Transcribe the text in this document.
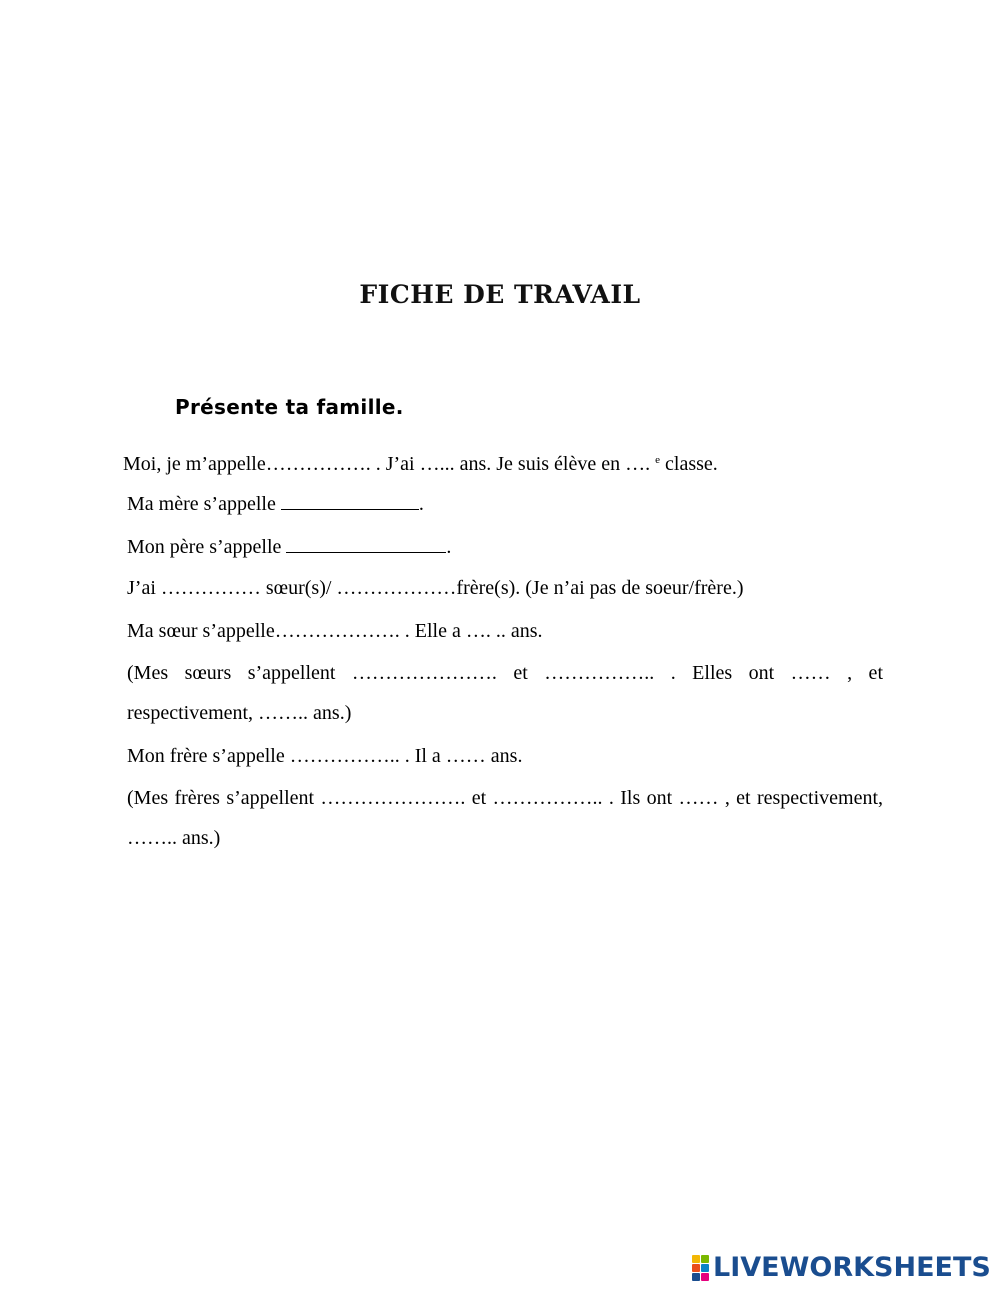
FICHE DE TRAVAIL
Présente ta famille.
Moi, je m’appelle……………. . J’ai …... ans. Je suis élève en …. $^e$ classe.
Ma mère s’appelle	.
Mon père s’appelle	.
J’ai …………… sœur(s)/ ………………frère(s). (Je n’ai pas de soeur/frère.)
Ma sœur s’appelle………………. . Elle a …. .. ans.
(Mes sœurs s’appellent …………………. et …………….. . Elles ont …… , et respectivement, …….. ans.)
Mon frère s’appelle …………….. . Il a …… ans.
(Mes frères s’appellent …………………. et …………….. . Ils ont …… , et respectivement, …….. ans.)
LIVEWORKSHEETS
